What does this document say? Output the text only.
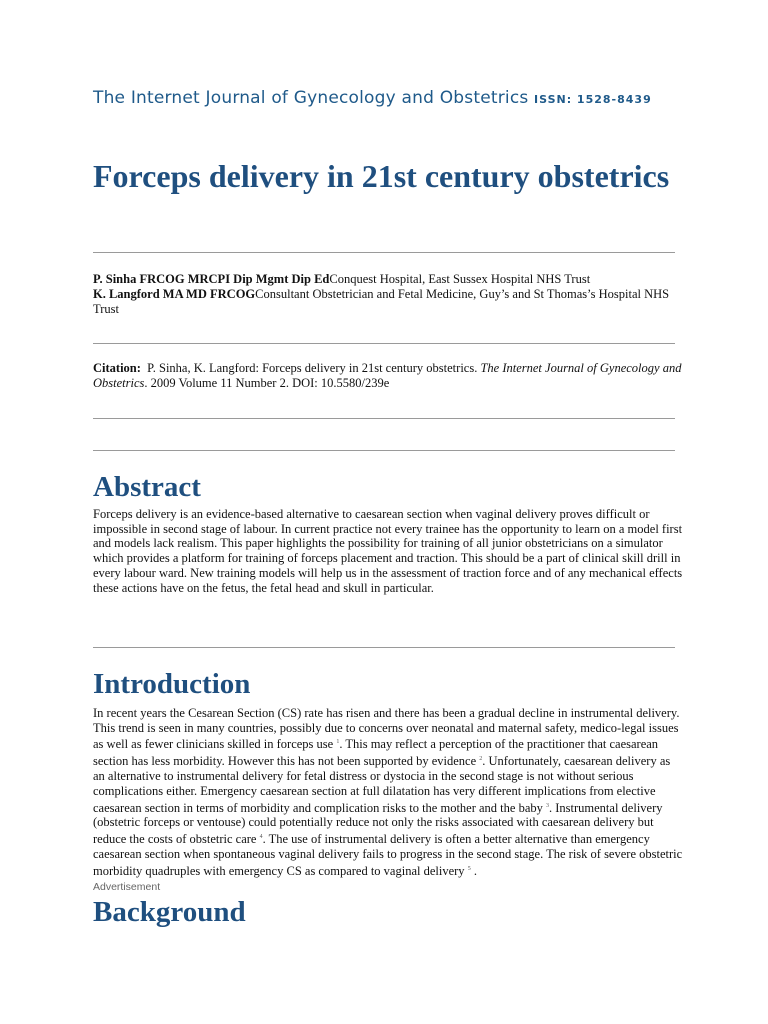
The Internet Journal of Gynecology and Obstetrics ISSN: 1528-8439
Forceps delivery in 21st century obstetrics
P. Sinha FRCOG MRCPI Dip Mgmt Dip EdConquest Hospital, East Sussex Hospital NHS Trust
K. Langford MA MD FRCOGConsultant Obstetrician and Fetal Medicine, Guy’s and St Thomas’s Hospital NHS Trust
Citation: P. Sinha, K. Langford: Forceps delivery in 21st century obstetrics. The Internet Journal of Gynecology and Obstetrics. 2009 Volume 11 Number 2. DOI: 10.5580/239e
Abstract

Forceps delivery is an evidence-based alternative to caesarean section when vaginal delivery proves difficult or impossible in second stage of labour. In current practice not every trainee has the opportunity to learn on a model first and models lack realism. This paper highlights the possibility for training of all junior obstetricians on a simulator which provides a platform for training of forceps placement and traction. This should be a part of clinical skill drill in every labour ward. New training models will help us in the assessment of traction force and of any mechanical effects these actions have on the fetus, the fetal head and skull in particular.

Introduction

In recent years the Cesarean Section (CS) rate has risen and there has been a gradual decline in instrumental delivery. This trend is seen in many countries, possibly due to concerns over neonatal and maternal safety, medico-legal issues as well as fewer clinicians skilled in forceps use $^1$. This may reflect a perception of the practitioner that caesarean section has less morbidity. However this has not been supported by evidence $^2$. Unfortunately, caesarean delivery as an alternative to instrumental delivery for fetal distress or dystocia in the second stage is not without serious complications either. Emergency caesarean section at full dilatation has very different implications from elective caesarean section in terms of morbidity and complication risks to the mother and the baby $^3$. Instrumental delivery (obstetric forceps or ventouse) could potentially reduce not only the risks associated with caesarean delivery but reduce the costs of obstetric care $^4$. The use of instrumental delivery is often a better alternative than emergency caesarean section when spontaneous vaginal delivery fails to progress in the second stage. The risk of severe obstetric morbidity quadruples with emergency CS as compared to vaginal delivery $^5$ .

Advertisement
Background
